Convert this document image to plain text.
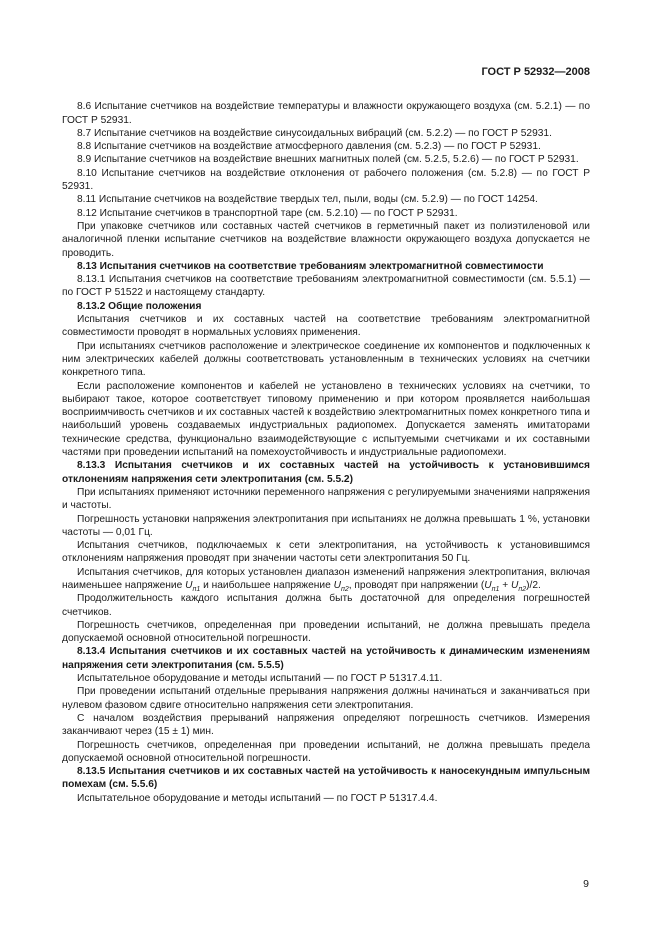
ГОСТ Р 52932—2008

8.6 Испытание счетчиков на воздействие температуры и влажности окружающего воздуха (см. 5.2.1) — по ГОСТ Р 52931.

8.7 Испытание счетчиков на воздействие синусоидальных вибраций (см. 5.2.2) — по ГОСТ Р 52931.

8.8 Испытание счетчиков на воздействие атмосферного давления (см. 5.2.3) — по ГОСТ Р 52931.

8.9 Испытание счетчиков на воздействие внешних магнитных полей (см. 5.2.5, 5.2.6) — по ГОСТ Р 52931.

8.10 Испытание счетчиков на воздействие отклонения от рабочего положения (см. 5.2.8) — по ГОСТ Р 52931.

8.11 Испытание счетчиков на воздействие твердых тел, пыли, воды (см. 5.2.9) — по ГОСТ 14254.

8.12 Испытание счетчиков в транспортной таре (см. 5.2.10) — по ГОСТ Р 52931.

При упаковке счетчиков или составных частей счетчиков в герметичный пакет из полиэтиленовой или аналогичной пленки испытание счетчиков на воздействие влажности окружающего воздуха допускается не проводить.

8.13 Испытания счетчиков на соответствие требованиям электромагнитной совместимости

8.13.1 Испытания счетчиков на соответствие требованиям электромагнитной совместимости (см. 5.5.1) — по ГОСТ Р 51522 и настоящему стандарту.

8.13.2 Общие положения

Испытания счетчиков и их составных частей на соответствие требованиям электромагнитной совместимости проводят в нормальных условиях применения.

При испытаниях счетчиков расположение и электрическое соединение их компонентов и подключенных к ним электрических кабелей должны соответствовать установленным в технических условиях на счетчики конкретного типа.

Если расположение компонентов и кабелей не установлено в технических условиях на счетчики, то выбирают такое, которое соответствует типовому применению и при котором проявляется наибольшая восприимчивость счетчиков и их составных частей к воздействию электромагнитных помех конкретного типа и наибольший уровень создаваемых индустриальных радиопомех. Допускается заменять имитаторами технические средства, функционально взаимодействующие с испытуемыми счетчиками и их составными частями при проведении испытаний на помехоустойчивость и индустриальные радиопомехи.

8.13.3 Испытания счетчиков и их составных частей на устойчивость к установившимся отклонениям напряжения сети электропитания (см. 5.5.2)

При испытаниях применяют источники переменного напряжения с регулируемыми значениями напряжения и частоты.

Погрешность установки напряжения электропитания при испытаниях не должна превышать 1 %, установки частоты — 0,01 Гц.

Испытания счетчиков, подключаемых к сети электропитания, на устойчивость к установившимся отклонениям напряжения проводят при значении частоты сети электропитания 50 Гц.

Испытания счетчиков, для которых установлен диапазон изменений напряжения электропитания, включая наименьшее напряжение $U_{п1}$ и наибольшее напряжение $U_{п2}$, проводят при напряжении $(U_{п1} + U_{п2})/2$.

Продолжительность каждого испытания должна быть достаточной для определения погрешностей счетчиков.

Погрешность счетчиков, определенная при проведении испытаний, не должна превышать предела допускаемой основной относительной погрешности.

8.13.4 Испытания счетчиков и их составных частей на устойчивость к динамическим изменениям напряжения сети электропитания (см. 5.5.5)

Испытательное оборудование и методы испытаний — по ГОСТ Р 51317.4.11.

При проведении испытаний отдельные прерывания напряжения должны начинаться и заканчиваться при нулевом фазовом сдвиге относительно напряжения сети электропитания.

С началом воздействия прерываний напряжения определяют погрешность счетчиков. Измерения заканчивают через (15 ± 1) мин.

Погрешность счетчиков, определенная при проведении испытаний, не должна превышать предела допускаемой основной относительной погрешности.

8.13.5 Испытания счетчиков и их составных частей на устойчивость к наносекундным импульсным помехам (см. 5.5.6)

Испытательное оборудование и методы испытаний — по ГОСТ Р 51317.4.4.

9
